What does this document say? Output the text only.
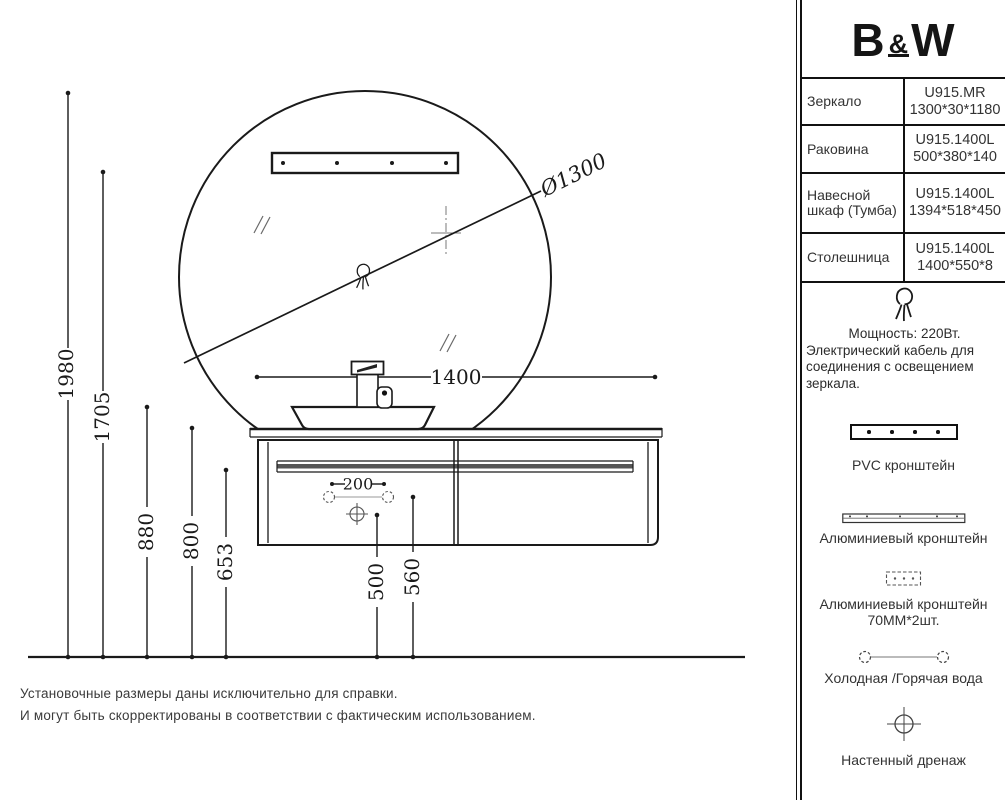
Ø1300
1980
1705
880 800
653
500 560
1400
200
Установочные размеры даны исключительно для справки.
И могут быть скорректированы в соответствии с фактическим использованием.
B & W
Зеркало
U915.MR
1300*30*1180
Раковина
U915.1400L
500*380*140
Навесной шкаф (Тумба)
U915.1400L
1394*518*450
Столешница
U915.1400L
1400*550*8
Мощность: 220Вт.
Электрический кабель для
соединения с освещением
зеркала.
PVC кронштейн
Алюминиевый кронштейн
Алюминиевый кронштейн
70ММ*2шт.
Холодная /Горячая вода
Настенный дренаж
